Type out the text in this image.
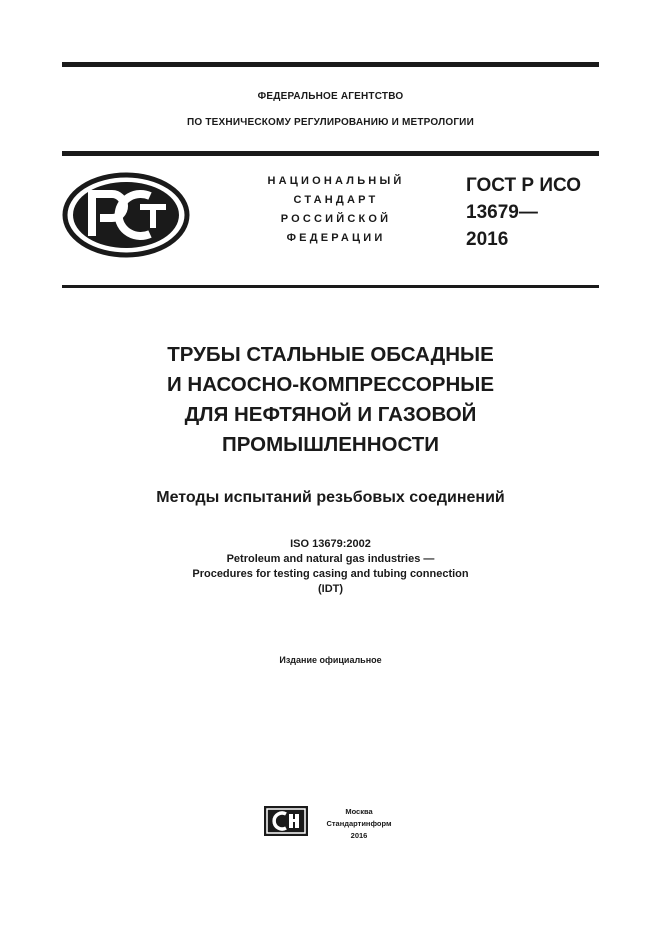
ФЕДЕРАЛЬНОЕ АГЕНТСТВО
ПО ТЕХНИЧЕСКОМУ РЕГУЛИРОВАНИЮ И МЕТРОЛОГИИ
НАЦИОНАЛЬНЫЙ
СТАНДАРТ
РОССИЙСКОЙ
ФЕДЕРАЦИИ
ГОСТ Р ИСО
13679—
2016
ТРУБЫ СТАЛЬНЫЕ ОБСАДНЫЕ
И НАСОСНО-КОМПРЕССОРНЫЕ
ДЛЯ НЕФТЯНОЙ И ГАЗОВОЙ
ПРОМЫШЛЕННОСТИ
Методы испытаний резьбовых соединений
ISO 13679:2002
Petroleum and natural gas industries —
Procedures for testing casing and tubing connection
(IDT)
Издание официальное
Москва
Стандартинформ
2016
